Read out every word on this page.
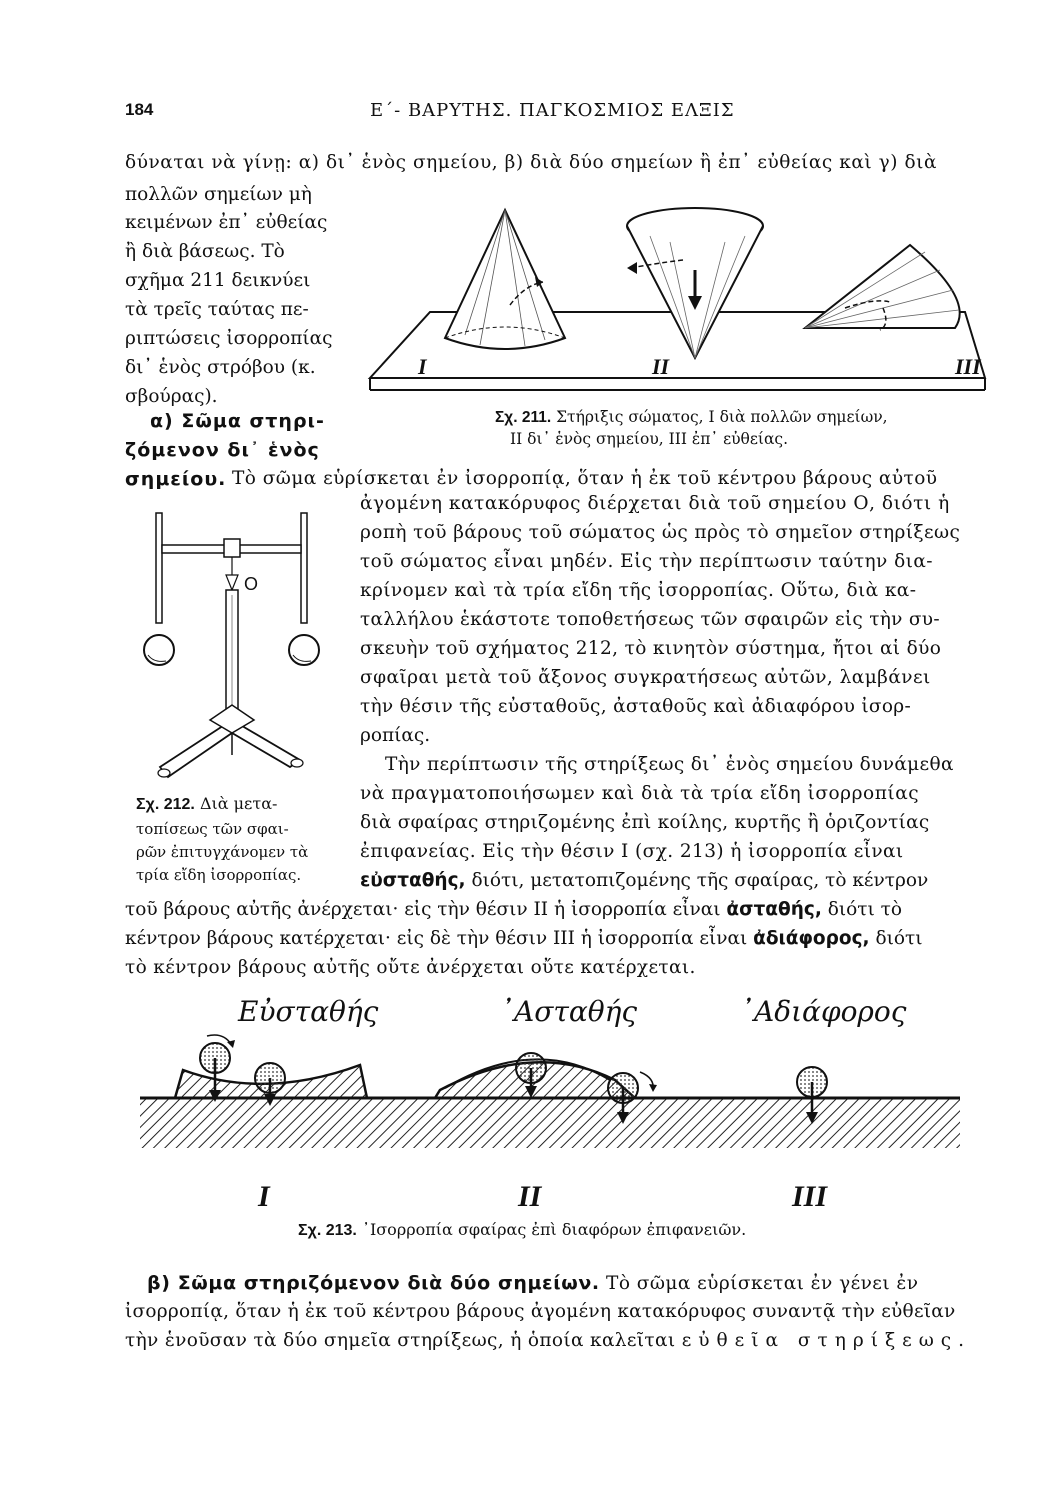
184	Ε΄- ΒΑΡΥΤΗΣ. ΠΑΓΚΟΣΜΙΟΣ ΕΛΞΙΣ
δύναται νὰ γίνῃ: α) δι᾽ ἑνὸς σημείου, β) διὰ δύο σημείων ἢ ἐπ᾽ εὐθείας καὶ γ) διὰ
πολλῶν σημείων μὴ
κειμένων ἐπ᾽ εὐθείας
ἢ διὰ βάσεως. Τὸ
σχῆμα 211 δεικνύει
τὰ τρεῖς ταύτας πε-
ριπτώσεις ἰσορροπίας
δι᾽ ἑνὸς στρόβου (κ.
σβούρας).
I	II	III
Σχ. 211. Στήριξις σώματος, Ι διὰ πολλῶν σημείων,
ΙΙ δι᾽ ἑνὸς σημείου, ΙΙΙ ἐπ᾽ εὐθείας.
α) Σῶμα στηρι-
ζόμενον δι᾽ ἑνὸς
σημείου. Τὸ σῶμα εὑρίσκεται ἐν ἰσορροπίᾳ, ὅταν ἡ ἐκ τοῦ κέντρου βάρους αὐτοῦ
ἀγομένη κατακόρυφος διέρχεται διὰ τοῦ σημείου Ο, διότι ἡ
ροπὴ τοῦ βάρους τοῦ σώματος ὡς πρὸς τὸ σημεῖον στηρίξεως
τοῦ σώματος εἶναι μηδέν. Εἰς τὴν περίπτωσιν ταύτην δια-
κρίνομεν καὶ τὰ τρία εἴδη τῆς ἰσορροπίας. Οὕτω, διὰ κα-
ταλλήλου ἑκάστοτε τοποθετήσεως τῶν σφαιρῶν εἰς τὴν συ-
σκευὴν τοῦ σχήματος 212, τὸ κινητὸν σύστημα, ἤτοι αἱ δύο
σφαῖραι μετὰ τοῦ ἄξονος συγκρατήσεως αὐτῶν, λαμβάνει
τὴν θέσιν τῆς εὐσταθοῦς, ἀσταθοῦς καὶ ἀδιαφόρου ἰσορ-
ροπίας.
O
Σχ. 212. Διὰ μετα-
τοπίσεως τῶν σφαι-
ρῶν ἐπιτυγχάνομεν τὰ
τρία εἴδη ἰσορροπίας.
Τὴν περίπτωσιν τῆς στηρίξεως δι᾽ ἑνὸς σημείου δυνάμεθα
νὰ πραγματοποιήσωμεν καὶ διὰ τὰ τρία εἴδη ἰσορροπίας
διὰ σφαίρας στηριζομένης ἐπὶ κοίλης, κυρτῆς ἢ ὁριζοντίας
ἐπιφανείας. Εἰς τὴν θέσιν Ι (σχ. 213) ἡ ἰσορροπία εἶναι
εὐσταθής, διότι, μετατοπιζομένης τῆς σφαίρας, τὸ κέντρον
τοῦ βάρους αὐτῆς ἀνέρχεται· εἰς τὴν θέσιν ΙΙ ἡ ἰσορροπία εἶναι ἀσταθής, διότι τὸ
κέντρον βάρους κατέρχεται· εἰς δὲ τὴν θέσιν ΙΙΙ ἡ ἰσορροπία εἶναι ἀδιάφορος, διότι
τὸ κέντρον βάρους αὐτῆς οὔτε ἀνέρχεται οὔτε κατέρχεται.
Εὐσταθής	᾽Ασταθής	᾽Αδιάφορος
I	II	III
Σχ. 213. ᾽Ισορροπία σφαίρας ἐπὶ διαφόρων ἐπιφανειῶν.
β) Σῶμα στηριζόμενον διὰ δύο σημείων. Τὸ σῶμα εὑρίσκεται ἐν γένει ἐν
ἰσορροπίᾳ, ὅταν ἡ ἐκ τοῦ κέντρου βάρους ἀγομένη κατακόρυφος συναντᾷ τὴν εὐθεῖαν
τὴν ἑνοῦσαν τὰ δύο σημεῖα στηρίξεως, ἡ ὁποία καλεῖται εὐθεῖα στηρίξεως.
